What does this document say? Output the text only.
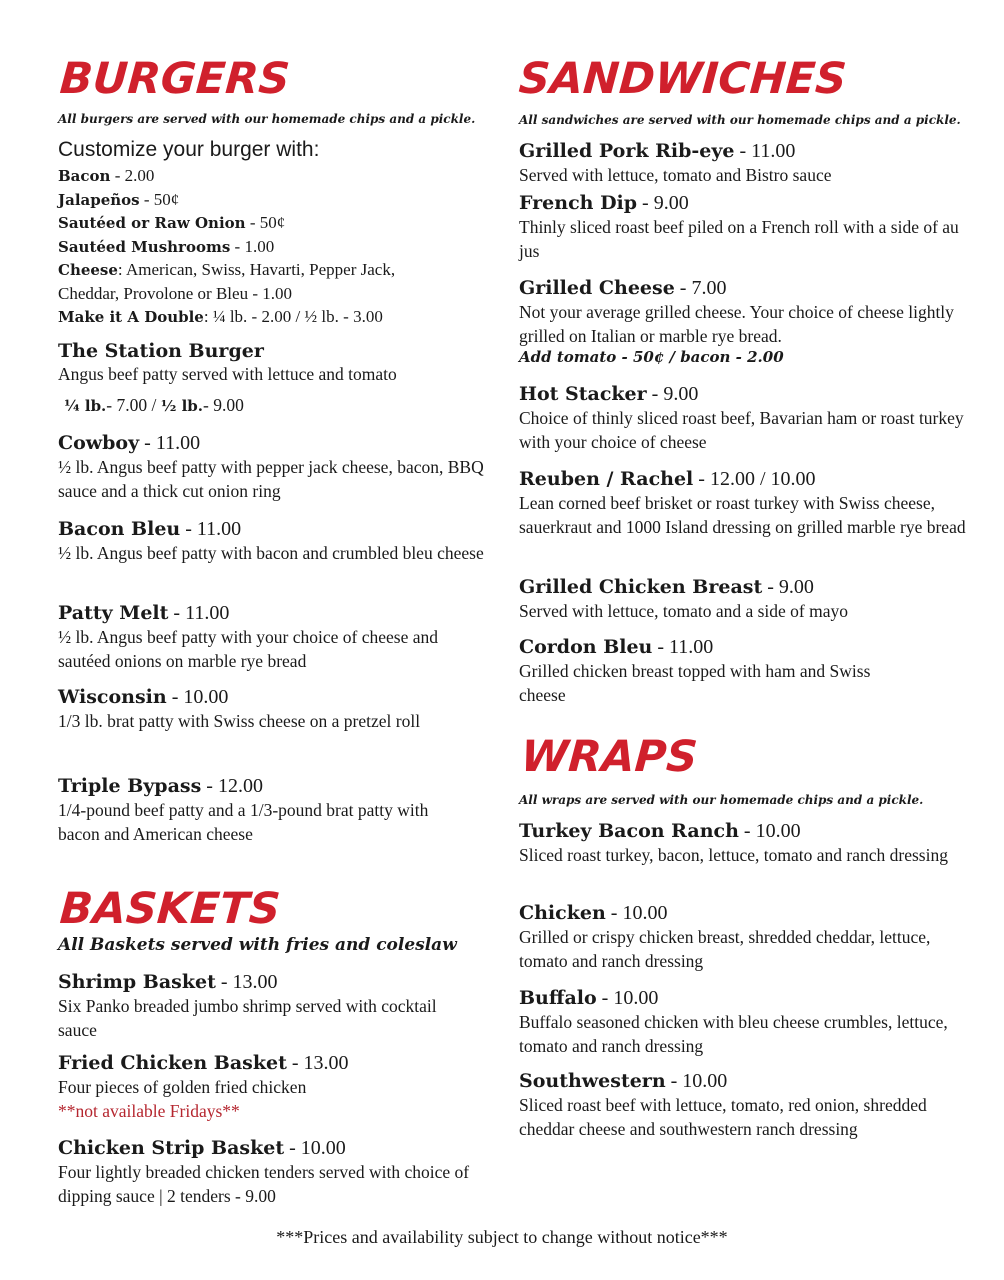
BURGERS
All burgers are served with our homemade chips and a pickle.
Customize your burger with:
Bacon - 2.00
Jalapeños - 50¢
Sautéed or Raw Onion - 50¢
Sautéed Mushrooms - 1.00
Cheese: American, Swiss, Havarti, Pepper Jack,
Cheddar, Provolone or Bleu - 1.00
Make it A Double: ¼ lb. - 2.00 / ½ lb. - 3.00
The Station Burger
Angus beef patty served with lettuce and tomato
¼ lb.- 7.00 / ½ lb.- 9.00
Cowboy - 11.00
½ lb. Angus beef patty with pepper jack cheese, bacon, BBQ sauce and a thick cut onion ring
Bacon Bleu - 11.00
½ lb. Angus beef patty with bacon and crumbled bleu cheese
Patty Melt - 11.00
½ lb. Angus beef patty with your choice of cheese and sautéed onions on marble rye bread
Wisconsin - 10.00
1/3 lb. brat patty with Swiss cheese on a pretzel roll
Triple Bypass - 12.00
1/4-pound beef patty and a 1/3-pound brat patty with bacon and American cheese
BASKETS
All Baskets served with fries and coleslaw
Shrimp Basket - 13.00
Six Panko breaded jumbo shrimp served with cocktail sauce
Fried Chicken Basket - 13.00
Four pieces of golden fried chicken
**not available Fridays**
Chicken Strip Basket - 10.00
Four lightly breaded chicken tenders served with choice of dipping sauce | 2 tenders - 9.00
SANDWICHES
All sandwiches are served with our homemade chips and a pickle.
Grilled Pork Rib-eye - 11.00
Served with lettuce, tomato and Bistro sauce
French Dip - 9.00
Thinly sliced roast beef piled on a French roll with a side of au jus
Grilled Cheese - 7.00
Not your average grilled cheese. Your choice of cheese lightly grilled on Italian or marble rye bread.
Add tomato - 50¢ / bacon - 2.00
Hot Stacker - 9.00
Choice of thinly sliced roast beef, Bavarian ham or roast turkey with your choice of cheese
Reuben / Rachel - 12.00 / 10.00
Lean corned beef brisket or roast turkey with Swiss cheese, sauerkraut and 1000 Island dressing on grilled marble rye bread
Grilled Chicken Breast - 9.00
Served with lettuce, tomato and a side of mayo
Cordon Bleu - 11.00
Grilled chicken breast topped with ham and Swiss cheese
WRAPS
All wraps are served with our homemade chips and a pickle.
Turkey Bacon Ranch - 10.00
Sliced roast turkey, bacon, lettuce, tomato and ranch dressing
Chicken - 10.00
Grilled or crispy chicken breast, shredded cheddar, lettuce, tomato and ranch dressing
Buffalo - 10.00
Buffalo seasoned chicken with bleu cheese crumbles, lettuce, tomato and ranch dressing
Southwestern - 10.00
Sliced roast beef with lettuce, tomato, red onion, shredded cheddar cheese and southwestern ranch dressing
***Prices and availability subject to change without notice***
